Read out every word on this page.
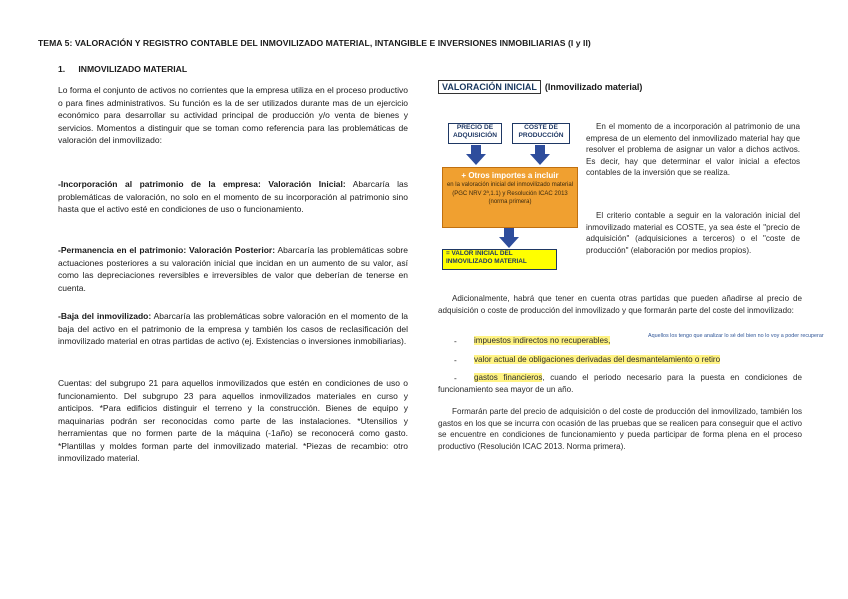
TEMA 5: VALORACIÓN Y REGISTRO CONTABLE DEL INMOVILIZADO MATERIAL, INTANGIBLE E INVERSIONES INMOBILIARIAS (I y II)
1. INMOVILIZADO MATERIAL

Lo forma el conjunto de activos no corrientes que la empresa utiliza en el proceso productivo o para fines administrativos. Su función es la de ser utilizados durante mas de un ejercicio económico para desarrollar su actividad principal de producción y/o venta de bienes y servicios. Momentos a distinguir que se toman como referencia para las problemáticas de valoración del inmovilizado:

-Incorporación al patrimonio de la empresa: Valoración Inicial: Abarcaría las problemáticas de valoración, no solo en el momento de su incorporación al patrimonio sino hasta que el activo esté en condiciones de uso o funcionamiento.

-Permanencia en el patrimonio: Valoración Posterior: Abarcaría las problemáticas sobre actuaciones posteriores a su valoración inicial que incidan en un aumento de su valor, así como las depreciaciones reversibles e irreversibles de valor que deberían de tenerse en cuenta.

-Baja del inmovilizado: Abarcaría las problemáticas sobre valoración en el momento de la baja del activo en el patrimonio de la empresa y también los casos de reclasificación del inmovilizado material en otras partidas de activo (ej. Existencias o inversiones inmobiliarias).

Cuentas: del subgrupo 21 para aquellos inmovilizados que estén en condiciones de uso o funcionamiento. Del subgrupo 23 para aquellos inmovilizados materiales en curso y anticipos. *Para edificios distinguir el terreno y la construcción. Bienes de equipo y maquinarias podrán ser reconocidas como parte de las instalaciones. *Utensilios y herramientas que no formen parte de la máquina (-1año) se reconocerá como gasto. *Plantillas y moldes forman parte del inmovilizado material. *Piezas de recambio: otro inmovilizado material.

VALORACIÓN INICIAL (Inmovilizado material)
PRECIO DE ADQUISICIÓN
COSTE DE PRODUCCIÓN
+ Otros importes a incluir
en la valoración inicial del inmovilizado material (PGC NRV 2ª,1.1) y Resolución ICAC 2013 (norma primera)
= VALOR INICIAL DEL INMOVILIZADO MATERIAL

En el momento de a incorporación al patrimonio de una empresa de un elemento del inmovilizado material hay que resolver el problema de asignar un valor a dichos activos. Es decir, hay que determinar el valor inicial a efectos contables de la inversión que se realiza.

El criterio contable a seguir en la valoración inicial del inmovilizado material es COSTE, ya sea éste el "precio de adquisición" (adquisiciones a terceros) o el "coste de producción" (elaboración por medios propios).

Adicionalmente, habrá que tener en cuenta otras partidas que pueden añadirse al precio de adquisición o coste de producción del inmovilizado y que formarán parte del coste del inmovilizado:

- impuestos indirectos no recuperables,	Aquellos los tengo que analizar lo sé del bien no lo voy a poder recuperar
- valor actual de obligaciones derivadas del desmantelamiento o retiro
-	gastos financieros, cuando el periodo necesario para la puesta en condiciones de funcionamiento sea mayor de un año.

Formarán parte del precio de adquisición o del coste de producción del inmovilizado, también los gastos en los que se incurra con ocasión de las pruebas que se realicen para conseguir que el activo se encuentre en condiciones de funcionamiento y pueda participar de forma plena en el proceso productivo (Resolución ICAC 2013. Norma primera).
